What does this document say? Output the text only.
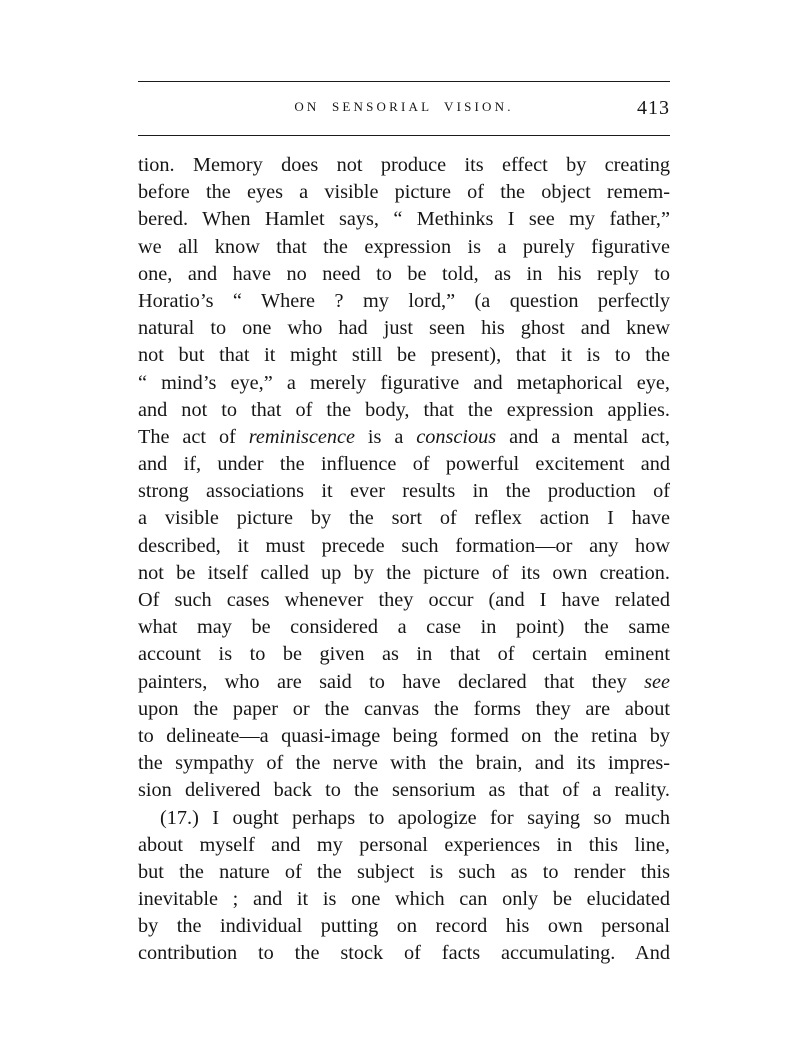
ON SENSORIAL VISION.	413
tion. Memory does not produce its effect by creating
before the eyes a visible picture of the object remem-
bered. When Hamlet says, “ Methinks I see my father,”
we all know that the expression is a purely figurative
one, and have no need to be told, as in his reply to
Horatio’s “ Where ? my lord,” (a question perfectly
natural to one who had just seen his ghost and knew
not but that it might still be present), that it is to the
“ mind’s eye,” a merely figurative and metaphorical eye,
and not to that of the body, that the expression applies.
The act of reminiscence is a conscious and a mental act,
and if, under the influence of powerful excitement and
strong associations it ever results in the production of
a visible picture by the sort of reflex action I have
described, it must precede such formation—or any how
not be itself called up by the picture of its own creation.
Of such cases whenever they occur (and I have related
what may be considered a case in point) the same
account is to be given as in that of certain eminent
painters, who are said to have declared that they see
upon the paper or the canvas the forms they are about
to delineate—a quasi-image being formed on the retina by
the sympathy of the nerve with the brain, and its impres-
sion delivered back to the sensorium as that of a reality.
(17.) I ought perhaps to apologize for saying so much
about myself and my personal experiences in this line,
but the nature of the subject is such as to render this
inevitable ; and it is one which can only be elucidated
by the individual putting on record his own personal
contribution to the stock of facts accumulating. And
